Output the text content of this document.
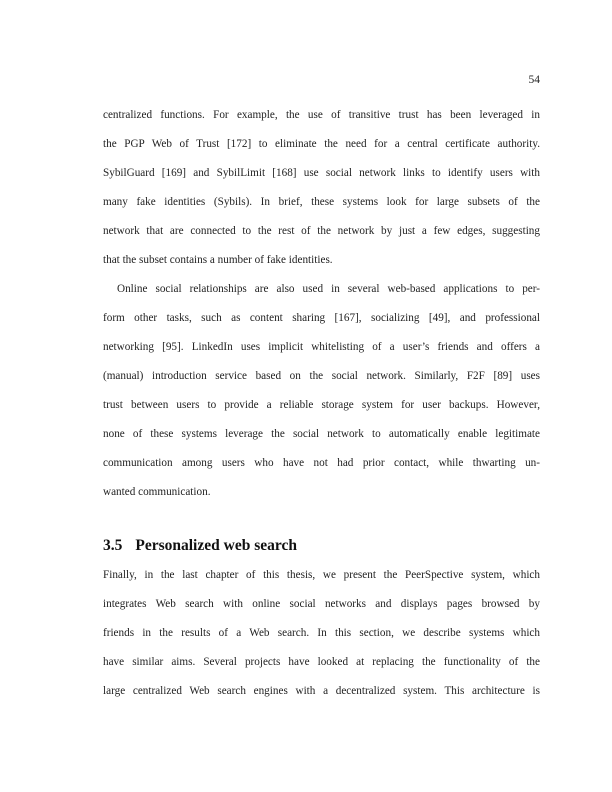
54
centralized functions. For example, the use of transitive trust has been leveraged in
the PGP Web of Trust [172] to eliminate the need for a central certificate authority.
SybilGuard [169] and SybilLimit [168] use social network links to identify users with
many fake identities (Sybils). In brief, these systems look for large subsets of the
network that are connected to the rest of the network by just a few edges, suggesting
that the subset contains a number of fake identities.
Online social relationships are also used in several web-based applications to per-
form other tasks, such as content sharing [167], socializing [49], and professional
networking [95]. LinkedIn uses implicit whitelisting of a user’s friends and offers a
(manual) introduction service based on the social network. Similarly, F2F [89] uses
trust between users to provide a reliable storage system for user backups. However,
none of these systems leverage the social network to automatically enable legitimate
communication among users who have not had prior contact, while thwarting un-
wanted communication.
3.5 Personalized web search
Finally, in the last chapter of this thesis, we present the PeerSpective system, which
integrates Web search with online social networks and displays pages browsed by
friends in the results of a Web search. In this section, we describe systems which
have similar aims. Several projects have looked at replacing the functionality of the
large centralized Web search engines with a decentralized system. This architecture is
